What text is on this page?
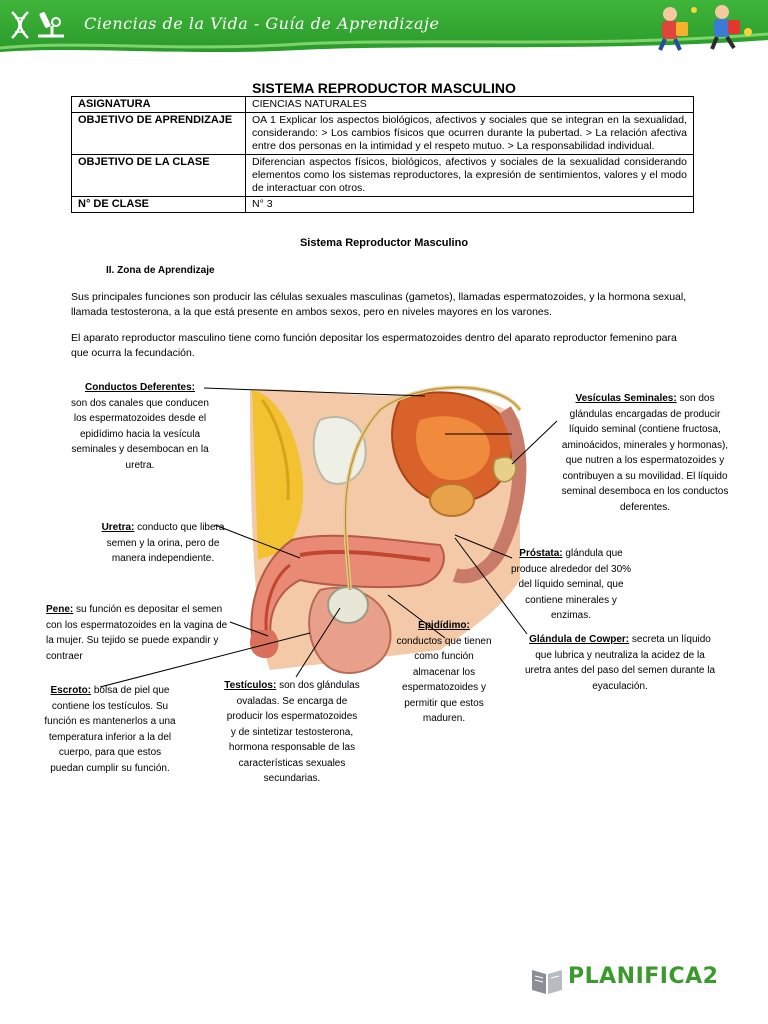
Ciencias de la Vida - Guía de Aprendizaje
SISTEMA REPRODUCTOR MASCULINO
ASIGNATURA	CIENCIAS NATURALES
OBJETIVO DE APRENDIZAJE	OA 1 Explicar los aspectos biológicos, afectivos y sociales que se integran en la sexualidad, considerando: > Los cambios físicos que ocurren durante la pubertad. > La relación afectiva entre dos personas en la intimidad y el respeto mutuo. > La responsabilidad individual.
OBJETIVO DE LA CLASE	Diferencian aspectos físicos, biológicos, afectivos y sociales de la sexualidad considerando elementos como los sistemas reproductores, la expresión de sentimientos, valores y el modo de interactuar con otros.
N° DE CLASE	N° 3
Sistema Reproductor Masculino
II. Zona de Aprendizaje

Sus principales funciones son producir las células sexuales masculinas (gametos), llamadas espermatozoides, y la hormona sexual, llamada testosterona, a la que está presente en ambos sexos, pero en niveles mayores en los varones.

El aparato reproductor masculino tiene como función depositar los espermatozoides dentro del aparato reproductor femenino para que ocurra la fecundación.

Conductos Deferentes:
son dos canales que conducen los espermatozoides desde el epidídimo hacia la vesícula seminales y desembocan en la uretra.
Uretra: conducto que libera semen y la orina, pero de manera independiente.
Pene: su función es depositar el semen con los espermatozoides en la vagina de la mujer. Su tejido se puede expandir y contraer
Escroto: bolsa de piel que contiene los testículos. Su función es mantenerlos a una temperatura inferior a la del cuerpo, para que estos puedan cumplir su función.
Testículos: son dos glándulas ovaladas. Se encarga de producir los espermatozoides y de sintetizar testosterona, hormona responsable de las características sexuales secundarias.
Epidídimo:
conductos que tienen como función almacenar los espermatozoides y permitir que estos maduren.
Vesículas Seminales: son dos glándulas encargadas de producir líquido seminal (contiene fructosa, aminoácidos, minerales y hormonas), que nutren a los espermatozoides y contribuyen a su movilidad. El líquido seminal desemboca en los conductos deferentes.
Próstata: glándula que produce alrededor del 30% del líquido seminal, que contiene minerales y enzimas.
Glándula de Cowper: secreta un líquido que lubrica y neutraliza la acidez de la uretra antes del paso del semen durante la eyaculación.
PLANIFICA2
